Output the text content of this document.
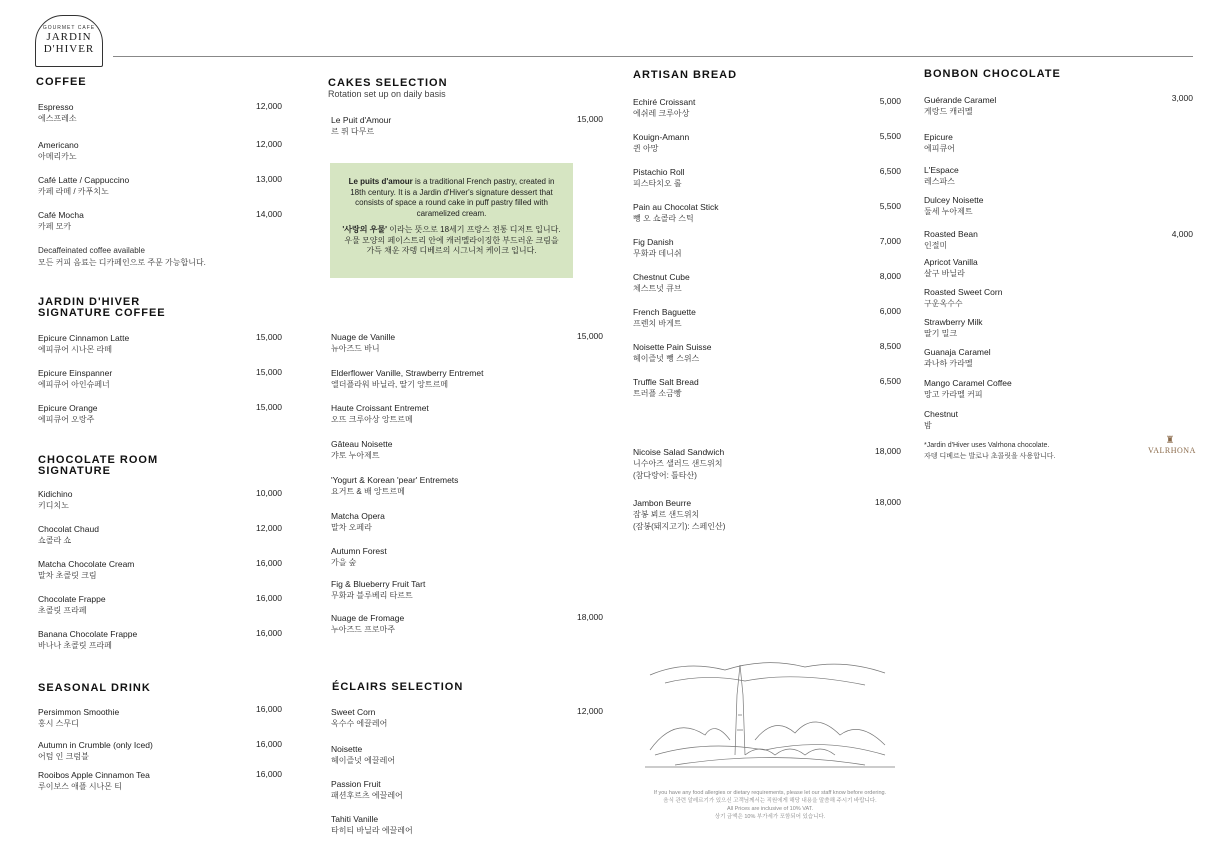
GOURMET CAFE
JARDIN
D'HIVER
COFFEE
Espresso
에스프레소
12,000
Americano
아메리카노
12,000
Café Latte / Cappuccino
카페 라떼 / 카푸치노
13,000
Café Mocha
카페 모카
14,000
Decaffeinated coffee available
모든 커피 음료는 디카페인으로 주문 가능합니다.
JARDIN D'HIVER
SIGNATURE COFFEE
Epicure Cinnamon Latte
에피큐어 시나몬 라떼
15,000
Epicure Einspanner
에피큐어 아인슈페너
15,000
Epicure Orange
에피큐어 오랑주
15,000
CHOCOLATE ROOM
SIGNATURE
Kidichino
키디치노
10,000
Chocolat Chaud
쇼콜라 쇼
12,000
Matcha Chocolate Cream
말차 초콜릿 크림
16,000
Chocolate Frappe
초콜릿 프라페
16,000
Banana Chocolate Frappe
바나나 초콜릿 프라페
16,000
SEASONAL DRINK
Persimmon Smoothie
홍시 스무디
16,000
Autumn in Crumble (only Iced)
어텀 인 크럼블
16,000
Rooibos Apple Cinnamon Tea
루이보스 애플 시나몬 티
16,000
CAKES SELECTION
Rotation set up on daily basis
Le Puit d'Amour
르 퓌 다무르
15,000

Le puits d'amour is a traditional French pastry, created in 18th century. It is a Jardin d'Hiver's signature dessert that consists of space a round cake in puff pastry filled with caramelized cream.

'사랑의 우물' 이라는 뜻으로 18세기 프랑스 전통 디저트 입니다. 우물 모양의 페이스트리 안에 캐러멜라이징한 부드러운 크림을 가득 채운 자뎅 디베르의 시그니처 케이크 입니다.

Nuage de Vanille
뉴아즈드 바니
15,000
Elderflower Vanille, Strawberry Entremet
엘더플라워 바닐라, 딸기 앙트르메
Haute Croissant Entremet
오뜨 크루아상 앙트르메
Gâteau Noisette
갸토 누아제트
'Yogurt & Korean 'pear' Entremets
요거트 & 배 앙트르메
Matcha Opera
말차 오페라
Autumn Forest
가을 숲
Fig & Blueberry Fruit Tart
무화과 블루베리 타르트
Nuage de Fromage
누아즈드 프로마주
18,000
ÉCLAIRS SELECTION
Sweet Corn
옥수수 에끌레어
12,000
Noisette
헤이즐넛 에끌레어
Passion Fruit
패션후르츠 에끌레어
Tahiti Vanille
타히티 바닐라 에끌레어
ARTISAN BREAD
Echiré Croissant
에쉬레 크루아상
5,000
Kouign-Amann
퀸 아망
5,500
Pistachio Roll
피스타치오 롤
6,500
Pain au Chocolat Stick
뺑 오 쇼콜라 스틱
5,500
Fig Danish
무화과 데니쉬
7,000
Chestnut Cube
체스트넛 큐브
8,000
French Baguette
프렌치 바게트
6,000
Noisette Pain Suisse
헤이즐넛 뺑 스위스
8,500
Truffle Salt Bread
트러플 소금빵
6,500
Nicoise Salad Sandwich
니수아즈 샐러드 샌드위치
(참다랑어: 틀타산)
18,000
Jambon Beurre
잠봉 뵈르 샌드위치
(잠봉(돼지고기): 스페인산)
18,000
If you have any food allergies or dietary requirements, please let our staff know before ordering.
음식 관련 알레르기가 있으신 고객님께서는 직원에게 해당 내용을 말씀해 주시기 바랍니다.
All Prices are inclusive of 10% VAT.
상기 금액은 10% 부가세가 포함되어 있습니다.
BONBON CHOCOLATE
Guérande Caramel
게랑드 캐러멜
3,000
Epicure
에피큐어
L'Espace
레스파스
Dulcey Noisette
둘세 누아제트
Roasted Bean
인절미
4,000
Apricot Vanilla
살구 바닐라
Roasted Sweet Corn
구운옥수수
Strawberry Milk
딸기 밀크
Guanaja Caramel
과나하 카라멜
Mango Caramel Coffee
망고 카라멜 커피
Chestnut
밤
*Jardin d'Hiver uses Valrhona chocolate.
자뎅 디베르는 발로나 초콜릿을 사용합니다.
♜
VALRHONA
